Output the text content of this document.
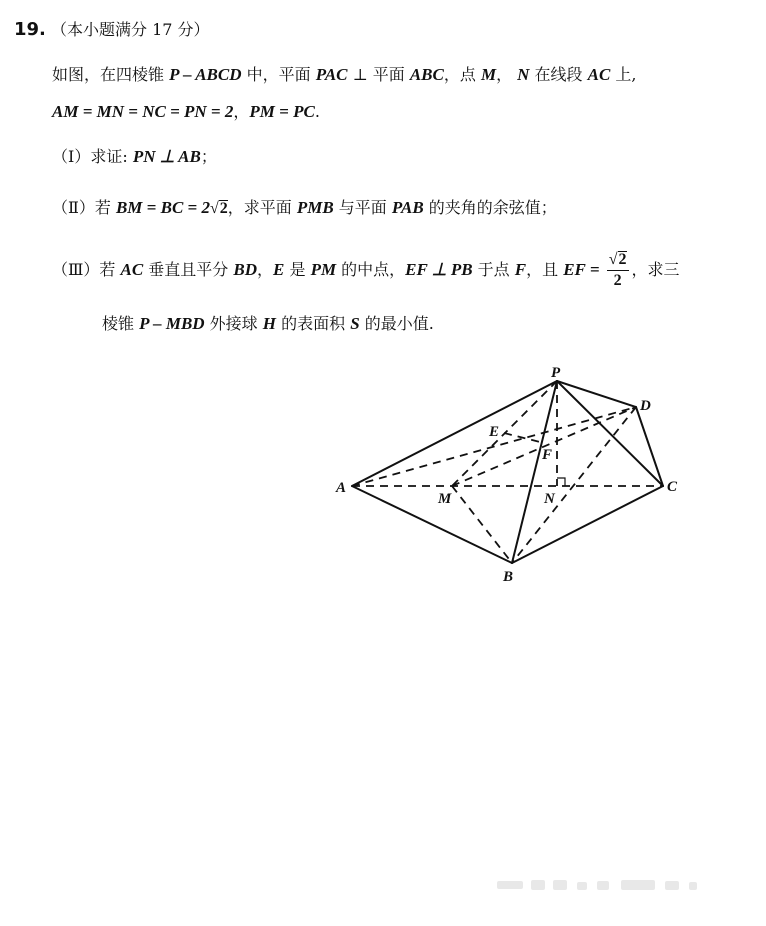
19. （本小题满分 17 分）
如图，在四棱锥 P – ABCD 中，平面 PAC ⊥ 平面 ABC，点 M， N 在线段 AC 上,
AM = MN = NC = PN = 2，PM = PC.
（Ⅰ）求证: PN ⊥ AB；
（Ⅱ）若 BM = BC = 2√2，求平面 PMB 与平面 PAB 的夹角的余弦值；
（Ⅲ）若 AC 垂直且平分 BD，E 是 PM 的中点，EF ⊥ PB 于点 F，且 EF = $\frac{√2}{2}$ ，求三
棱锥 P – MBD 外接球 H 的表面积 S 的最小值.
P
D
E
F
A
M	N
C
B
